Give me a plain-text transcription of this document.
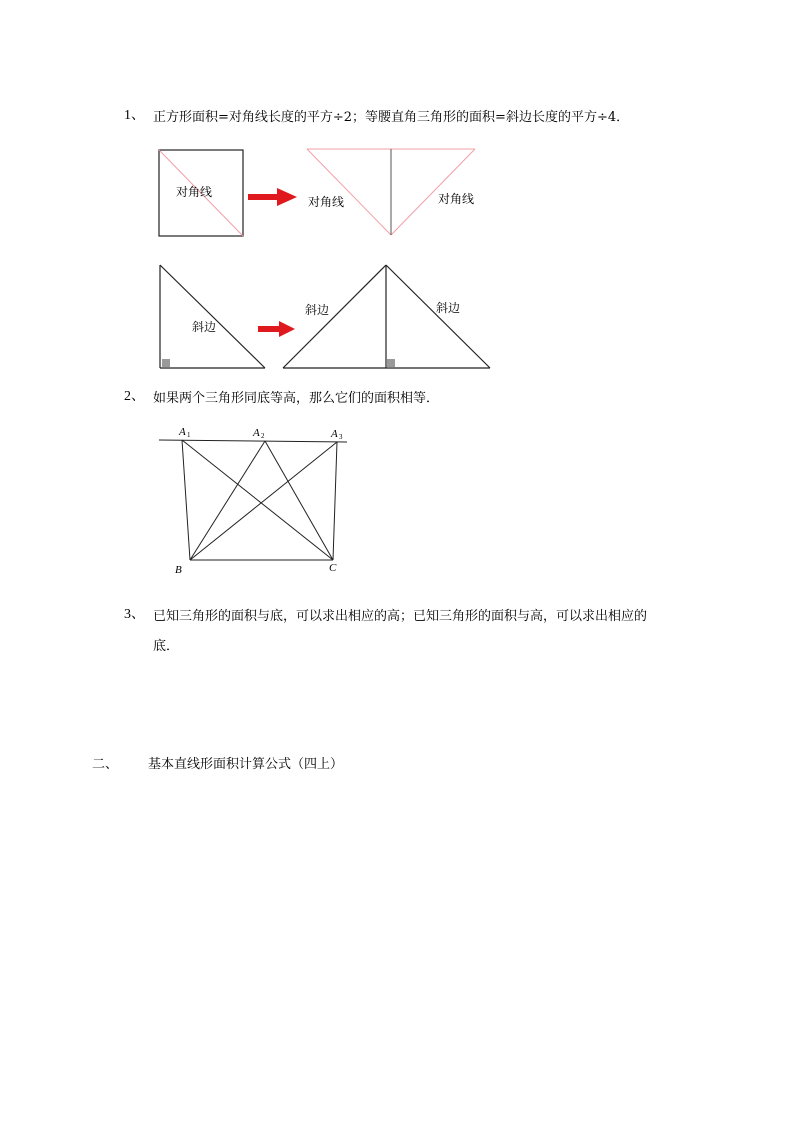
1、 正方形面积=对角线长度的平方÷2；等腰直角三角形的面积=斜边长度的平方÷4．
对角线
对角线	对角线
斜边
斜边	斜边
2、 如果两个三角形同底等高，那么它们的面积相等．
A 1	A 2	A 3
B	C
3、 已知三角形的面积与底，可以求出相应的高；已知三角形的面积与高，可以求出相应的
底．
二、 基本直线形面积计算公式（四上）
